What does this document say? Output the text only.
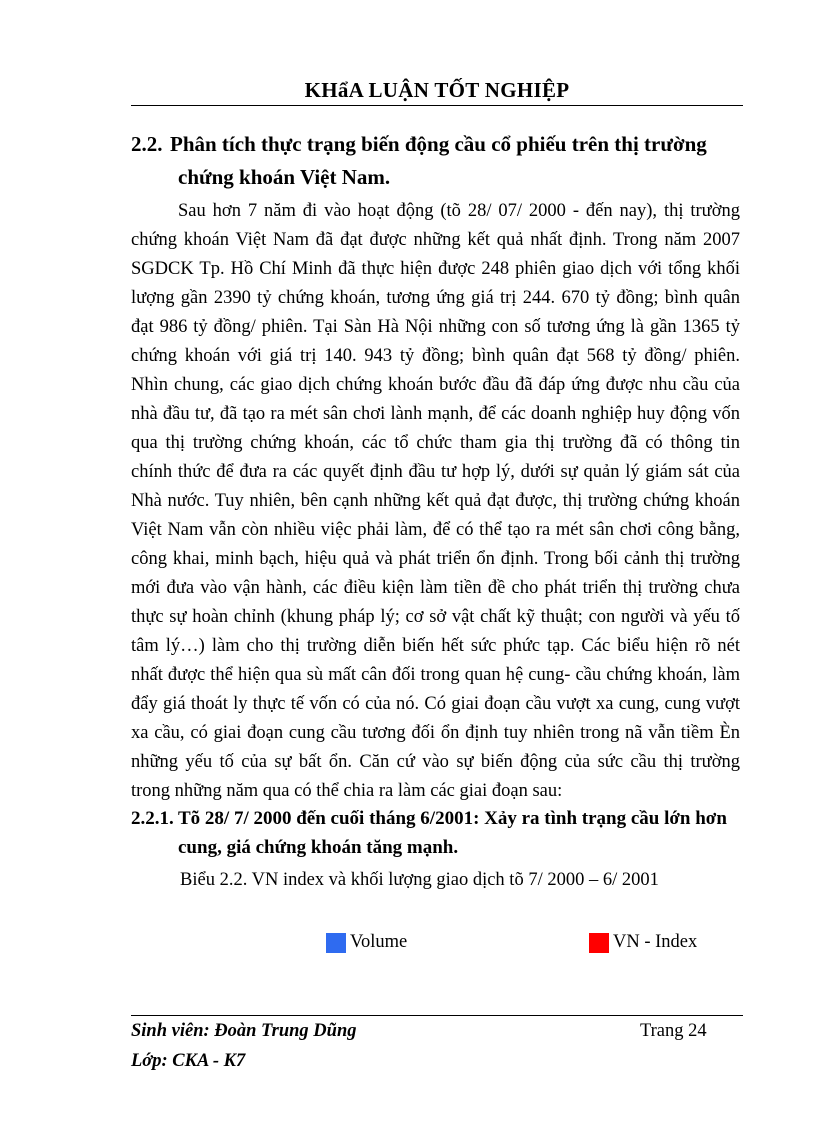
KHẩA LUẬN TỐT NGHIỆP
2.2. Phân tích thực trạng biến động cầu cổ phiếu trên thị trường
chứng khoán Việt Nam.
Sau hơn 7 năm đi vào hoạt động (tõ 28/ 07/ 2000 - đến nay), thị trường
chứng khoán Việt Nam đã đạt được những kết quả nhất định. Trong năm 2007
SGDCK Tp. Hồ Chí Minh đã thực hiện được 248 phiên giao dịch với tổng khối
lượng gần 2390 tỷ chứng khoán, tương ứng giá trị 244. 670 tỷ đồng; bình quân
đạt 986 tỷ đồng/ phiên. Tại Sàn Hà Nội những con số tương ứng là gần 1365 tỷ
chứng khoán với giá trị 140. 943 tỷ đồng; bình quân đạt 568 tỷ đồng/ phiên.
Nhìn chung, các giao dịch chứng khoán bước đầu đã đáp ứng được nhu cầu của
nhà đầu tư, đã tạo ra mét sân chơi lành mạnh, để các doanh nghiệp huy động vốn
qua thị trường chứng khoán, các tổ chức tham gia thị trường đã có thông tin
chính thức để đưa ra các quyết định đầu tư hợp lý, dưới sự quản lý giám sát của
Nhà nước. Tuy nhiên, bên cạnh những kết quả đạt được, thị trường chứng khoán
Việt Nam vẫn còn nhiều việc phải làm, để có thể tạo ra mét sân chơi công bằng,
công khai, minh bạch, hiệu quả và phát triển ổn định. Trong bối cảnh thị trường
mới đưa vào vận hành, các điều kiện làm tiền đề cho phát triển thị trường chưa
thực sự hoàn chỉnh (khung pháp lý; cơ sở vật chất kỹ thuật; con người và yếu tố
tâm lý…) làm cho thị trường diễn biến hết sức phức tạp. Các biểu hiện rõ nét
nhất được thể hiện qua sù mất cân đối trong quan hệ cung- cầu chứng khoán, làm
đẩy giá thoát ly thực tế vốn có của nó. Có giai đoạn cầu vượt xa cung, cung vượt
xa cầu, có giai đoạn cung cầu tương đối ổn định tuy nhiên trong nã vẫn tiềm Èn
những yếu tố của sự bất ổn. Căn cứ vào sự biến động của sức cầu thị trường
trong những năm qua có thể chia ra làm các giai đoạn sau:
2.2.1. Tõ 28/ 7/ 2000 đến cuối tháng 6/2001: Xảy ra tình trạng cầu lớn hơn
cung, giá chứng khoán tăng mạnh.
Biểu 2.2. VN index và khối lượng giao dịch tõ 7/ 2000 – 6/ 2001
Volume	VN - Index
Sinh viên: Đoàn Trung Dũng	Trang 24
Lớp: CKA - K7
